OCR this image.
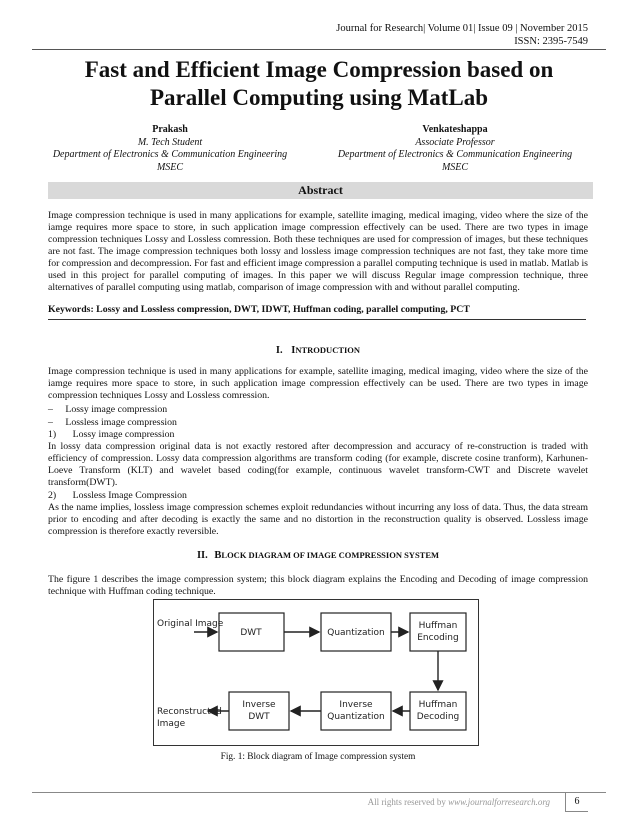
Journal for Research| Volume 01| Issue 09 | November 2015
ISSN: 2395-7549
Fast and Efficient Image Compression based on
Parallel Computing using MatLab
Prakash
M. Tech Student
Department of Electronics & Communication Engineering
MSEC
Venkateshappa
Associate Professor
Department of Electronics & Communication Engineering
MSEC
Abstract
Image compression technique is used in many applications for example, satellite imaging, medical imaging, video where the size of the iamge requires more space to store, in such application image compression effectively can be used. There are two types in image compression techniques Lossy and Lossless comression. Both these techniques are used for compression of images, but these techniques are not fast. The image compression techniques both lossy and lossless image compression techniques are not fast, they take more time for compression and decompression. For fast and efficient image compression a parallel computing technique is used in matlab. Matlab is used in this project for parallel computing of images. In this paper we will discuss Regular image compression technique, three alternatives of parallel computing using matlab, comparison of image compression with and without parallel computing.
Keywords: Lossy and Lossless compression, DWT, IDWT, Huffman coding, parallel computing, PCT
I. INTRODUCTION
Image compression technique is used in many applications for example, satellite imaging, medical imaging, video where the size of the iamge requires more space to store, in such application image compression effectively can be used. There are two types in image compression techniques Lossy and Lossless comression.
– Lossy image compression
– Lossless image compression
1) Lossy image compression
In lossy data compression original data is not exactly restored after decompression and accuracy of re-construction is traded with efficiency of compression. Lossy data compression algorithms are transform coding (for example, discrete cosine tranform), Karhunen-Loeve Transform (KLT) and wavelet based coding(for example, continuous wavelet transform-CWT and Discrete wavelet transform(DWT).
2) Lossless Image Compression
As the name implies, lossless image compression schemes exploit redundancies without incurring any loss of data. Thus, the data stream prior to encoding and after decoding is exactly the same and no distortion in the reconstruction quality is observed. Lossless image compression is therefore exactly reversible.
II. BLOCK DIAGRAM OF IMAGE COMPRESSION SYSTEM
The figure 1 describes the image compression system; this block diagram explains the Encoding and Decoding of image compression technique with Huffman coding technique.
Original Image
DWT	Quantization
Huffman
Encoding
Huffman
Decoding
Inverse
Quantization
Inverse
DWT
Reconstructed
Image
Fig. 1: Block diagram of Image compression system
All rights reserved by www.journalforresearch.org	6
